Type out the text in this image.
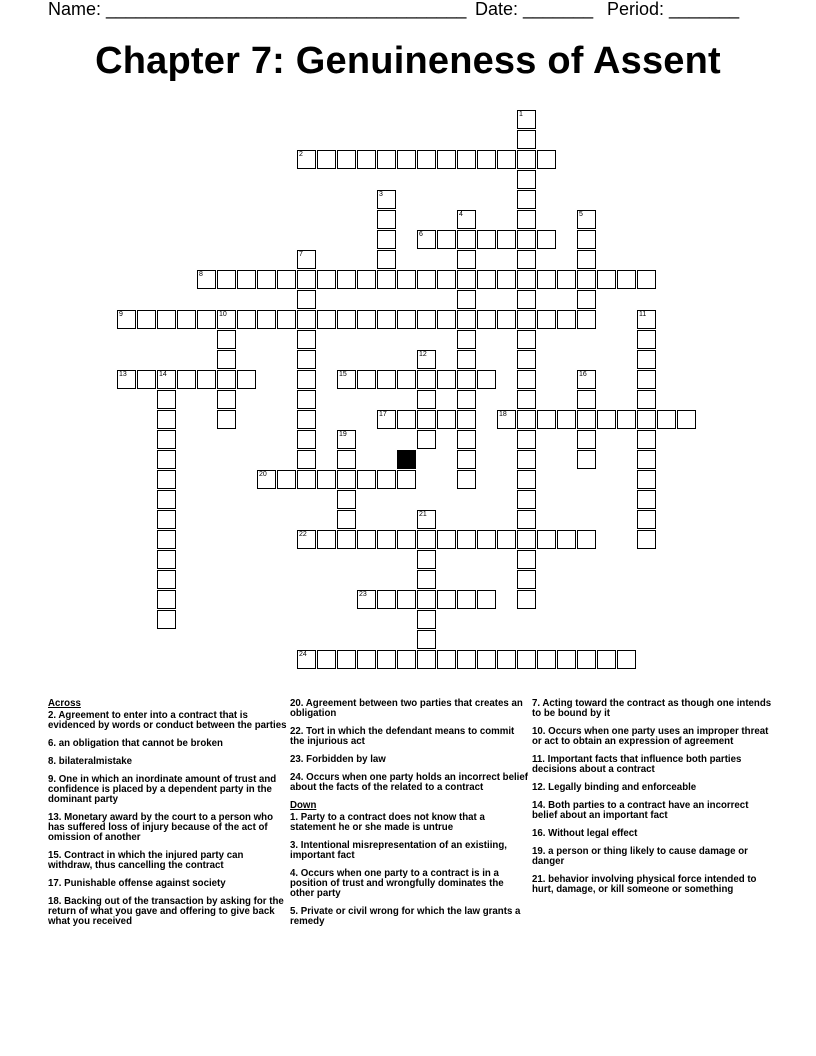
Name: ____________________________________ Date: _______ Period: _______
Chapter 7: Genuineness of Assent
1
2
3
4	5
6
7
8
9	10	11
12
13	14	15	16
17	18
19
20
21
22
23
24
Across

2. Agreement to enter into a contract that is evidenced by words or conduct between the parties

6. an obligation that cannot be broken

8. bilateralmistake

9. One in which an inordinate amount of trust and confidence is placed by a dependent party in the dominant party

13. Monetary award by the court to a person who has suffered loss of injury because of the act of omission of another

15. Contract in which the injured party can withdraw, thus cancelling the contract

17. Punishable offense against society

18. Backing out of the transaction by asking for the return of what you gave and offering to give back what you received

20. Agreement between two parties that creates an obligation

22. Tort in which the defendant means to commit the injurious act

23. Forbidden by law

24. Occurs when one party holds an incorrect belief about the facts of the related to a contract

Down

1. Party to a contract does not know that a statement he or she made is untrue

3. Intentional misrepresentation of an existiing, important fact

4. Occurs when one party to a contract is in a position of trust and wrongfully dominates the other party

5. Private or civil wrong for which the law grants a remedy

7. Acting toward the contract as though one intends to be bound by it

10. Occurs when one party uses an improper threat or act to obtain an expression of agreement

11. Important facts that influence both parties decisions about a contract

12. Legally binding and enforceable

14. Both parties to a contract have an incorrect belief about an important fact

16. Without legal effect

19. a person or thing likely to cause damage or danger

21. behavior involving physical force intended to hurt, damage, or kill someone or something
